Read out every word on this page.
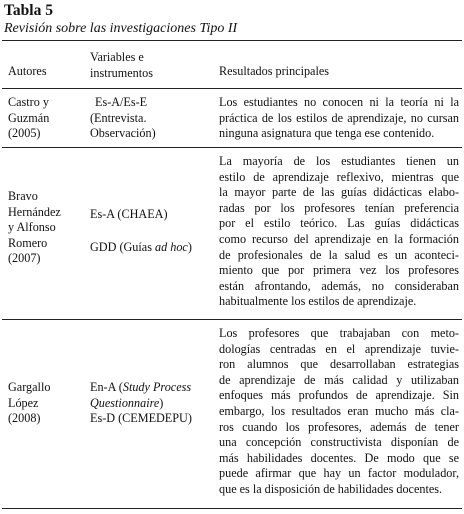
Tabla 5
Revisión sobre las investigaciones Tipo II
Autores
Variables e
instrumentos	Resultados principales
Castro y
Guzmán
(2005)
Es-A/Es-E
(Entrevista.
Observación)
Los estudiantes no conocen ni la teoría ni la
práctica de los estilos de aprendizaje, no cursan
ninguna asignatura que tenga ese contenido.
Bravo
Hernández
y Alfonso
Romero
(2007)
Es-A (CHAEA)
GDD (Guías ad hoc)
La mayoría de los estudiantes tienen un
estilo de aprendizaje reflexivo, mientras que
la mayor parte de las guías didácticas elabo-
radas por los profesores tenían preferencia
por el estilo teórico. Las guías didácticas
como recurso del aprendizaje en la formación
de profesionales de la salud es un aconteci-
miento que por primera vez los profesores
están afrontando, además, no consideraban
habitualmente los estilos de aprendizaje.
Gargallo
López
(2008)
En-A (Study Process
Questionnaire)
Es-D (CEMEDEPU)
Los profesores que trabajaban con meto-
dologías centradas en el aprendizaje tuvie-
ron alumnos que desarrollaban estrategias
de aprendizaje de más calidad y utilizaban
enfoques más profundos de aprendizaje. Sin
embargo, los resultados eran mucho más cla-
ros cuando los profesores, además de tener
una concepción constructivista disponían de
más habilidades docentes. De modo que se
puede afirmar que hay un factor modulador,
que es la disposición de habilidades docentes.
